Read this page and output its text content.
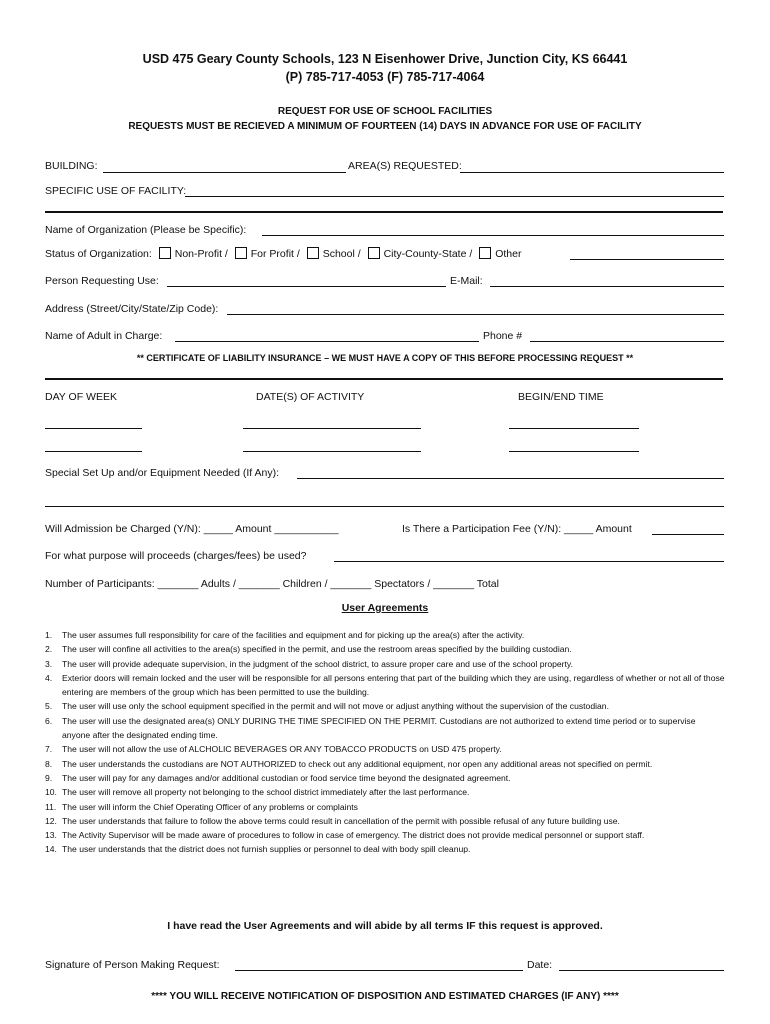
USD 475 Geary County Schools, 123 N Eisenhower Drive, Junction City, KS 66441
(P) 785-717-4053 (F) 785-717-4064
REQUEST FOR USE OF SCHOOL FACILITIES
REQUESTS MUST BE RECIEVED A MINIMUM OF FOURTEEN (14) DAYS IN ADVANCE FOR USE OF FACILITY
BUILDING:	AREA(S) REQUESTED:
SPECIFIC USE OF FACILITY:
Name of Organization (Please be Specific):
Status of Organization: Non-Profit / For Profit / School / City-County-State / Other
Person Requesting Use:	E-Mail:
Address (Street/City/State/Zip Code):
Name of Adult in Charge:	Phone #
** CERTIFICATE OF LIABILITY INSURANCE – WE MUST HAVE A COPY OF THIS BEFORE PROCESSING REQUEST **
DAY OF WEEK	DATE(S) OF ACTIVITY	BEGIN/END TIME
Special Set Up and/or Equipment Needed (If Any):
Will Admission be Charged (Y/N): _____ Amount ___________	Is There a Participation Fee (Y/N): _____ Amount
For what purpose will proceeds (charges/fees) be used?
Number of Participants: _______ Adults / _______ Children / _______ Spectators / _______ Total
User Agreements
1. The user assumes full responsibility for care of the facilities and equipment and for picking up the area(s) after the activity.
2. The user will confine all activities to the area(s) specified in the permit, and use the restroom areas specified by the building custodian.
3. The user will provide adequate supervision, in the judgment of the school district, to assure proper care and use of the school property.
4. Exterior doors will remain locked and the user will be responsible for all persons entering that part of the building which they are using, regardless of whether or not all of those entering are members of the group which has been permitted to use the building.
5. The user will use only the school equipment specified in the permit and will not move or adjust anything without the supervision of the custodian.
6. The user will use the designated area(s) ONLY DURING THE TIME SPECIFIED ON THE PERMIT. Custodians are not authorized to extend time period or to supervise anyone after the designated ending time.
7. The user will not allow the use of ALCHOLIC BEVERAGES OR ANY TOBACCO PRODUCTS on USD 475 property.
8. The user understands the custodians are NOT AUTHORIZED to check out any additional equipment, nor open any additional areas not specified on permit.
9. The user will pay for any damages and/or additional custodian or food service time beyond the designated agreement.
10. The user will remove all property not belonging to the school district immediately after the last performance.
11. The user will inform the Chief Operating Officer of any problems or complaints
12. The user understands that failure to follow the above terms could result in cancellation of the permit with possible refusal of any future building use.
13. The Activity Supervisor will be made aware of procedures to follow in case of emergency. The district does not provide medical personnel or support staff.
14. The user understands that the district does not furnish supplies or personnel to deal with body spill cleanup.
I have read the User Agreements and will abide by all terms IF this request is approved.
Signature of Person Making Request:	Date:
**** YOU WILL RECEIVE NOTIFICATION OF DISPOSITION AND ESTIMATED CHARGES (IF ANY) ****
